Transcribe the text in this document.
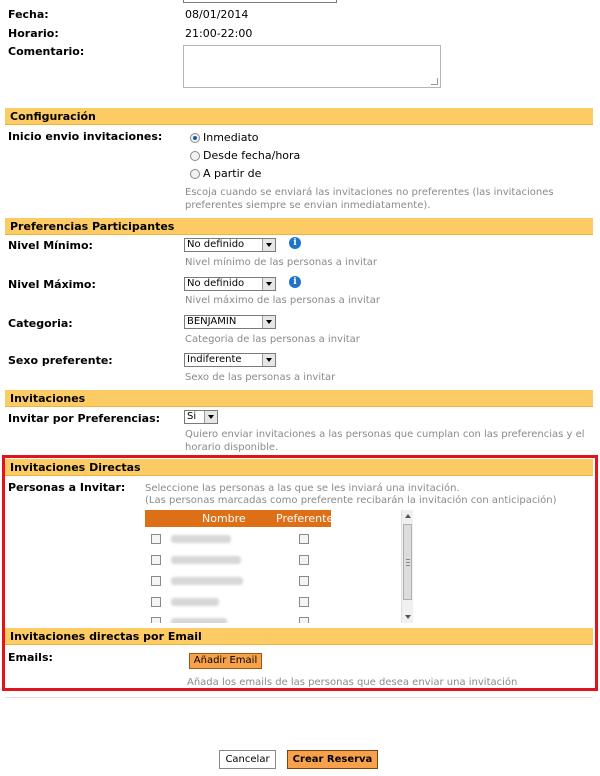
Fecha:	08/01/2014
Horario:	21:00-22:00
Comentario:
Configuración
Inicio envio invitaciones:	Inmediato
Desde fecha/hora
A partir de
Escoja cuando se enviará las invitaciones no preferentes (las invitaciones preferentes siempre se envian inmediatamente).
Preferencias Participantes
Nivel Mínimo:	No definido	i
Nivel mínimo de las personas a invitar
Nivel Máximo:	No definido	i
Nivel máximo de las personas a invitar
Categoria:	BENJAMIN
Categoria de las personas a invitar
Sexo preferente:	Indiferente
Sexo de las personas a invitar
Invitaciones
Invitar por Preferencias:	Si
Quiero enviar invitaciones a las personas que cumplan con las preferencias y el horario disponible.
Invitaciones Directas
Personas a Invitar: Seleccione las personas a las que se les inviará una invitación.
(Las personas marcadas como preferente recibarán la invitación con anticipación)
Nombre	Preferente
Invitaciones directas por Email
Emails:	Añadir Email
Añada los emails de las personas que desea enviar una invitación
Cancelar	Crear Reserva
